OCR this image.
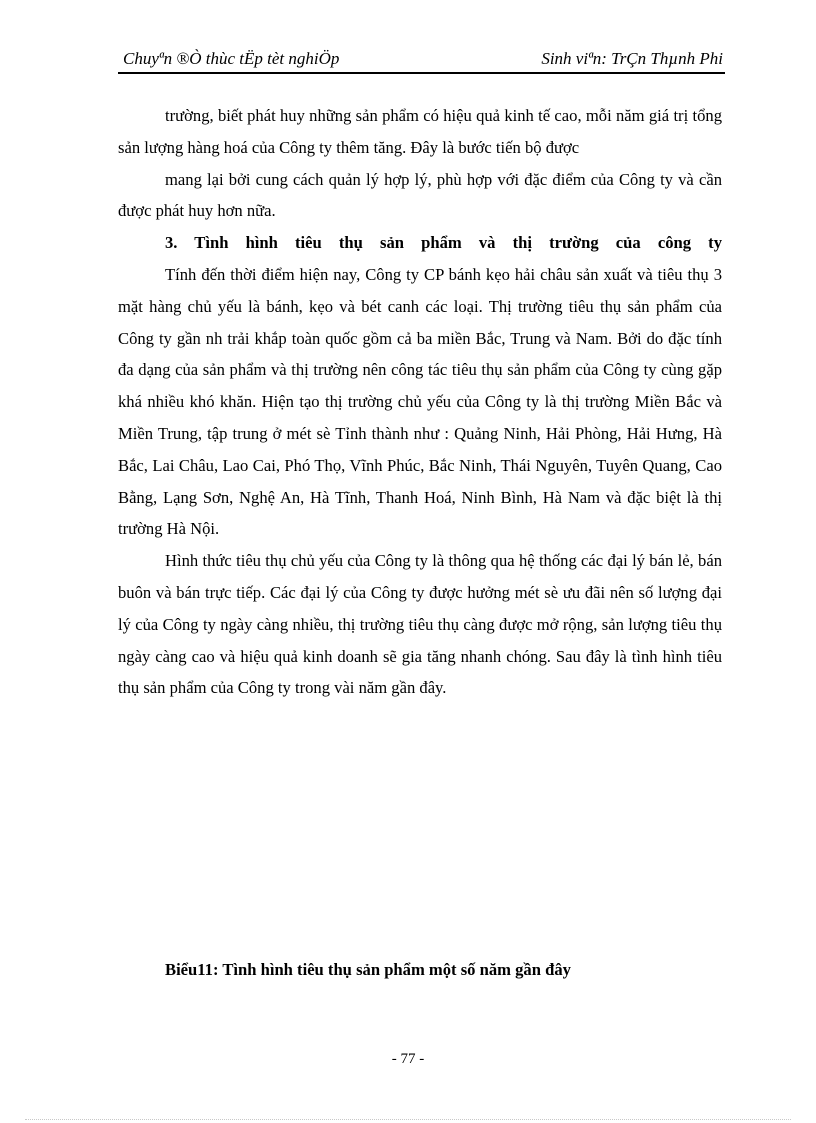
Chuyªn ®Ò thùc tËp tèt nghiÖp	Sinh viªn: TrÇn Thµnh Phi

trường, biết phát huy những sản phẩm có hiệu quả kinh tế cao, mỗi năm giá trị tổng sản lượng hàng hoá của Công ty thêm tăng. Đây là bước tiến bộ được

mang lại bởi cung cách quản lý hợp lý, phù hợp với đặc điểm của Công ty và cần được phát huy hơn nữa.

3. Tình hình tiêu thụ sản phẩm và thị trường của công ty

Tính đến thời điểm hiện nay, Công ty CP bánh kẹo hải châu sản xuất và tiêu thụ 3 mặt hàng chủ yếu là bánh, kẹo và bét canh các loại. Thị trường tiêu thụ sản phẩm của Công ty gần nh trải khắp toàn quốc gồm cả ba miền Bắc, Trung và Nam. Bởi do đặc tính đa dạng của sản phẩm và thị trường nên công tác tiêu thụ sản phẩm của Công ty cùng gặp khá nhiều khó khăn. Hiện tạo thị trường chủ yếu của Công ty là thị trường Miền Bắc và Miền Trung, tập trung ở mét sè Tỉnh thành như : Quảng Ninh, Hải Phòng, Hải Hưng, Hà Bắc, Lai Châu, Lao Cai, Phó Thọ, Vĩnh Phúc, Bắc Ninh, Thái Nguyên, Tuyên Quang, Cao Bằng, Lạng Sơn, Nghệ An, Hà Tĩnh, Thanh Hoá, Ninh Bình, Hà Nam và đặc biệt là thị trường Hà Nội.

Hình thức tiêu thụ chủ yếu của Công ty là thông qua hệ thống các đại lý bán lẻ, bán buôn và bán trực tiếp. Các đại lý của Công ty được hưởng mét sè ưu đãi nên số lượng đại lý của Công ty ngày càng nhiều, thị trường tiêu thụ càng được mở rộng, sản lượng tiêu thụ ngày càng cao và hiệu quả kinh doanh sẽ gia tăng nhanh chóng. Sau đây là tình hình tiêu thụ sản phẩm của Công ty trong vài năm gần đây.

Biểu11: Tình hình tiêu thụ sản phẩm một số năm gần đây
- 77 -
